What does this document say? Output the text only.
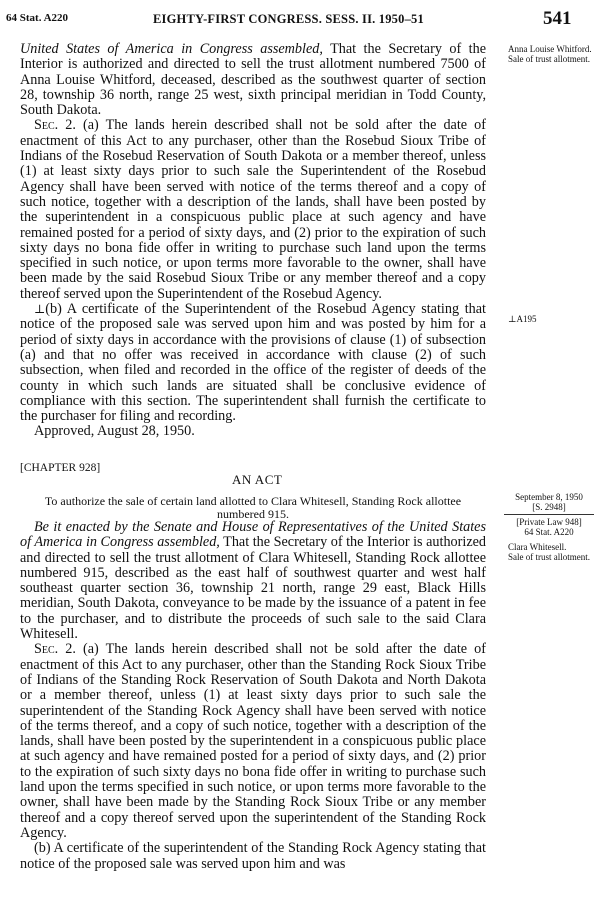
64 Stat. A220	EIGHTY-FIRST CONGRESS. SESS. II. 1950–51	541

United States of America in Congress assembled, That the Secretary of the Interior is authorized and directed to sell the trust allotment numbered 7500 of Anna Louise Whitford, deceased, described as the southwest quarter of section 28, township 36 north, range 25 west, sixth principal meridian in Todd County, South Dakota.

Sec. 2. (a) The lands herein described shall not be sold after the date of enactment of this Act to any purchaser, other than the Rosebud Sioux Tribe of Indians of the Rosebud Reservation of South Dakota or a member thereof, unless (1) at least sixty days prior to such sale the Superintendent of the Rosebud Agency shall have been served with notice of the terms thereof and a copy of such notice, together with a description of the lands, shall have been posted by the superintendent in a conspicuous public place at such agency and have remained posted for a period of sixty days, and (2) prior to the expiration of such sixty days no bona fide offer in writing to purchase such land upon the terms specified in such notice, or upon terms more favorable to the owner, shall have been made by the said Rosebud Sioux Tribe or any member thereof and a copy thereof served upon the Superintendent of the Rosebud Agency.

⊥(b) A certificate of the Superintendent of the Rosebud Agency stating that notice of the proposed sale was served upon him and was posted by him for a period of sixty days in accordance with the provisions of clause (1) of subsection (a) and that no offer was received in accordance with clause (2) of such subsection, when filed and recorded in the office of the register of deeds of the county in which such lands are situated shall be conclusive evidence of compliance with this section. The superintendent shall furnish the certificate to the purchaser for filing and recording.

Approved, August 28, 1950.

Anna Louise Whitford.

Sale of trust allotment.

⊥A195

[CHAPTER 928]
AN ACT
To authorize the sale of certain land allotted to Clara Whitesell, Standing Rock allottee numbered 915.

September 8, 1950

[S. 2948]

[Private Law 948]

64 Stat. A220

Clara Whitesell.

Sale of trust allotment.

Be it enacted by the Senate and House of Representatives of the United States of America in Congress assembled, That the Secretary of the Interior is authorized and directed to sell the trust allotment of Clara Whitesell, Standing Rock allottee numbered 915, described as the east half of southwest quarter and west half southeast quarter section 36, township 21 north, range 29 east, Black Hills meridian, South Dakota, conveyance to be made by the issuance of a patent in fee to the purchaser, and to distribute the proceeds of such sale to the said Clara Whitesell.

Sec. 2. (a) The lands herein described shall not be sold after the date of enactment of this Act to any purchaser, other than the Standing Rock Sioux Tribe of Indians of the Standing Rock Reservation of South Dakota and North Dakota or a member thereof, unless (1) at least sixty days prior to such sale the superintendent of the Standing Rock Agency shall have been served with notice of the terms thereof, and a copy of such notice, together with a description of the lands, shall have been posted by the superintendent in a conspicuous public place at such agency and have remained posted for a period of sixty days, and (2) prior to the expiration of such sixty days no bona fide offer in writing to purchase such land upon the terms specified in such notice, or upon terms more favorable to the owner, shall have been made by the Standing Rock Sioux Tribe or any member thereof and a copy thereof served upon the superintendent of the Standing Rock Agency.

(b) A certificate of the superintendent of the Standing Rock Agency stating that notice of the proposed sale was served upon him and was
